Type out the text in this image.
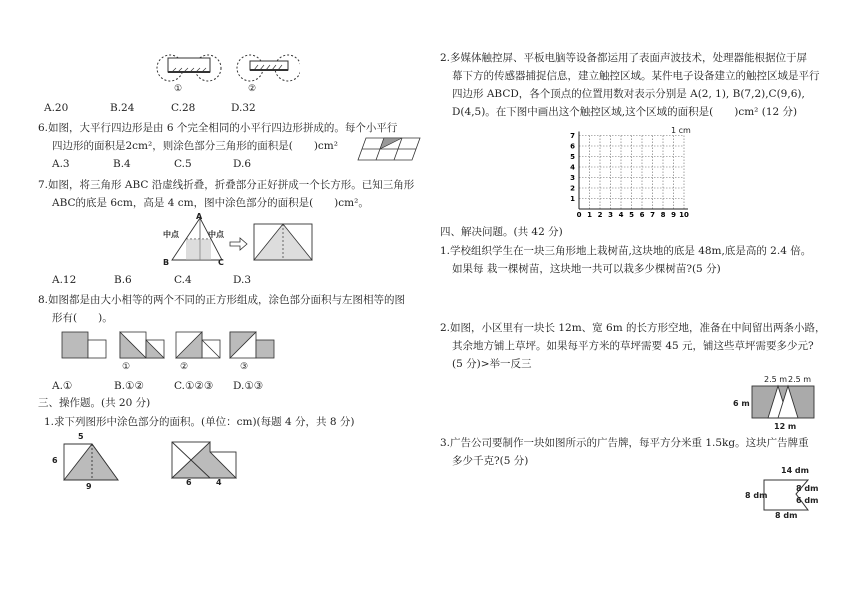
①	②
A.20	B.24	C.28	D.32
6.如图，大平行四边形是由 6 个完全相同的小平行四边形拼成的。每个小平行
四边形的面积是2cm²，则涂色部分三角形的面积是(　　)cm²
A.3	B.4	C.5	D.6
7.如图，将三角形 ABC 沿虚线折叠，折叠部分正好拼成一个长方形。已知三角形
ABC的底是 6cm，高是 4 cm，图中涂色部分的面积是(　　)cm²。
A
中点	中点
B	C
A.12	B.6	C.4	D.3
8.如图都是由大小相等的两个不同的正方形组成，涂色部分面积与左图相等的图
形有(　　)。
①	②	③
A.①	B.①②	C.①②③ D.①③
三、操作题。(共 20 分)
1.求下列图形中涂色部分的面积。(单位：cm)(每题 4 分，共 8 分)
5
6
9	6	4
2.多媒体触控屏、平板电脑等设备都运用了表面声波技术，处理器能根据位于屏
幕下方的传感器捕捉信息，建立触控区域。某件电子设备建立的触控区域是平行
四边形 ABCD，各个顶点的位置用数对表示分别是 A(2, 1), B(7,2),C(9,6),
D(4,5)。在下图中画出这个触控区域,这个区域的面积是(　　)cm² (12 分)
0 1 2 3 4 5 6 7 8 9 10
1
2
3
4
5
6
7
1 cm
四、解决问题。(共 42 分)
1.学校组织学生在一块三角形地上栽树苗,这块地的底是 48m,底是高的 2.4 倍。
如果每 栽一棵树苗，这块地一共可以栽多少棵树苗?(5 分)
2.如图，小区里有一块长 12m、宽 6m 的长方形空地，准备在中间留出两条小路，
其余地方铺上草坪。如果每平方米的草坪需要 45 元，铺这些草坪需要多少元?
(5 分)>举一反三
2.5 m 2.5 m
6 m
12 m
3.广告公司要制作一块如图所示的广告牌，每平方分米重 1.5kg。这块广告牌重
多少千克?(5 分)
14 dm
8 dm
8 dm
6 dm
8 dm
